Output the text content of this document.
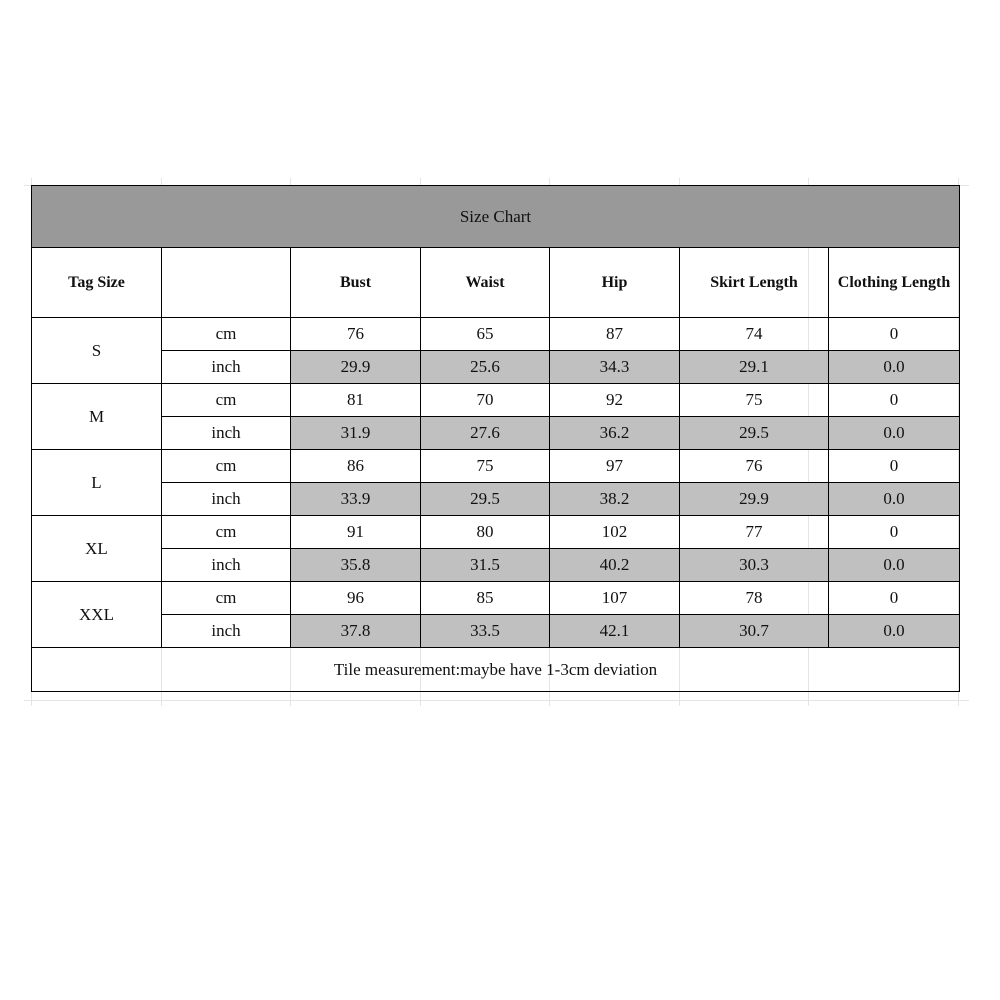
Size Chart						
Tag Size		Bust	Waist	Hip	Skirt Length	Clothing Length
S	cm	76	65	87	74	0
	inch	29.9	25.6	34.3	29.1	0.0
M	cm	81	70	92	75	0
	inch	31.9	27.6	36.2	29.5	0.0
L	cm	86	75	97	76	0
	inch	33.9	29.5	38.2	29.9	0.0
XL	cm	91	80	102	77	0
	inch	35.8	31.5	40.2	30.3	0.0
XXL	cm	96	85	107	78	0
	inch	37.8	33.5	42.1	30.7	0.0
Tile measurement:maybe have 1-3cm deviation						
